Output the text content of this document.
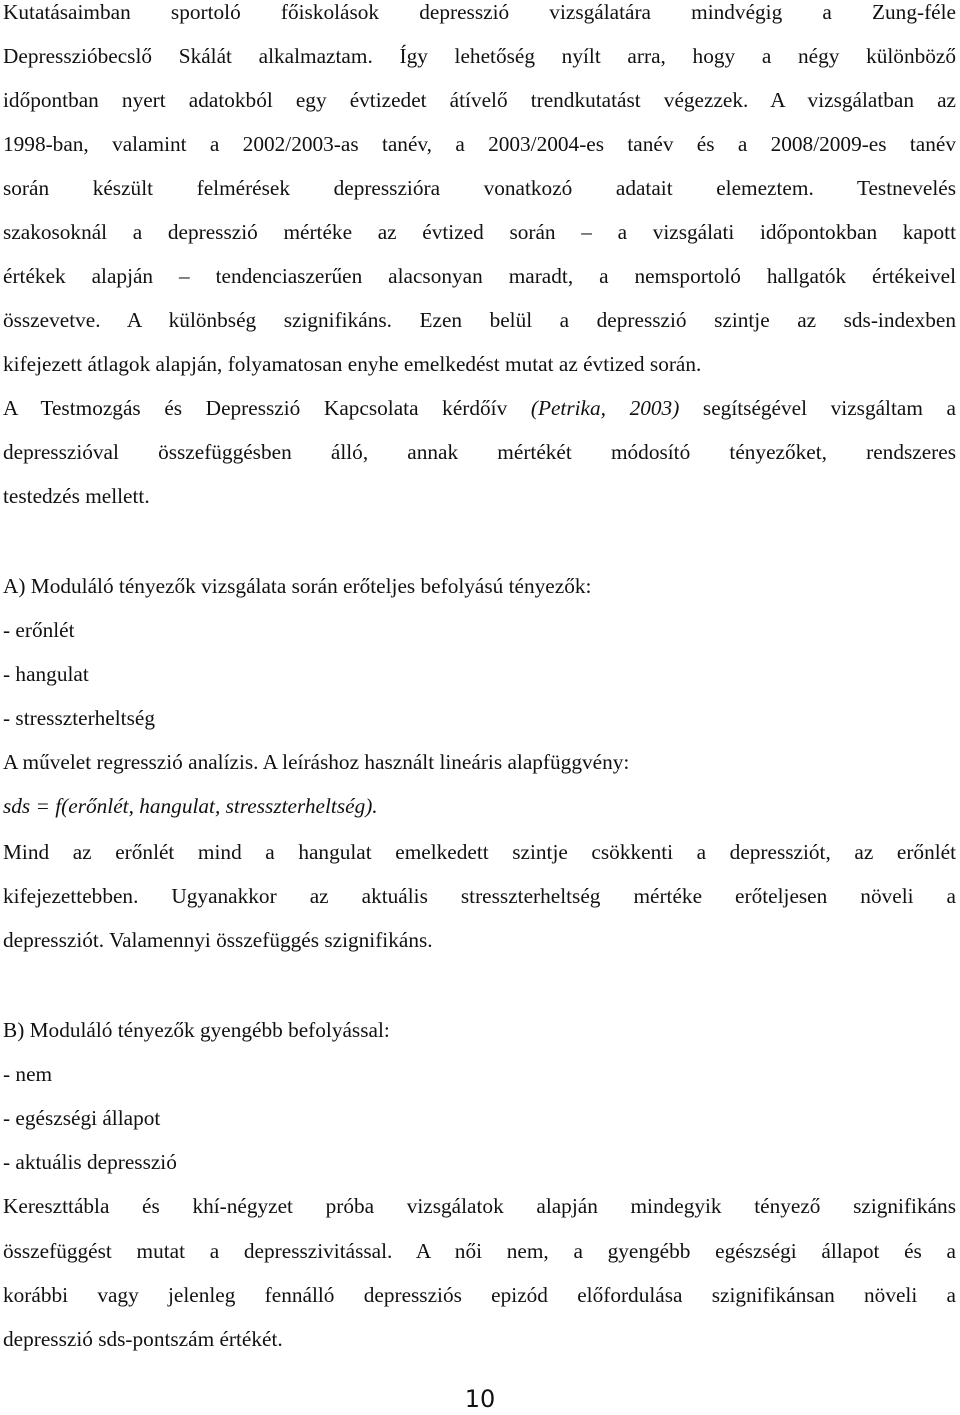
Kutatásaimban sportoló főiskolások depresszió vizsgálatára mindvégig a Zung-féle
Depresszióbecslő Skálát alkalmaztam. Így lehetőség nyílt arra, hogy a négy különböző
időpontban nyert adatokból egy évtizedet átívelő trendkutatást végezzek. A vizsgálatban az
1998-ban, valamint a 2002/2003-as tanév, a 2003/2004-es tanév és a 2008/2009-es tanév
során készült felmérések depresszióra vonatkozó adatait elemeztem. Testnevelés
szakosoknál a depresszió mértéke az évtized során – a vizsgálati időpontokban kapott
értékek alapján – tendenciaszerűen alacsonyan maradt, a nemsportoló hallgatók értékeivel
összevetve. A különbség szignifikáns. Ezen belül a depresszió szintje az sds-indexben
kifejezett átlagok alapján, folyamatosan enyhe emelkedést mutat az évtized során.
A Testmozgás és Depresszió Kapcsolata kérdőív (Petrika, 2003) segítségével vizsgáltam a
depresszióval összefüggésben álló, annak mértékét módosító tényezőket, rendszeres
testedzés mellett.
A) Moduláló tényezők vizsgálata során erőteljes befolyású tényezők:
- erőnlét
- hangulat
- stresszterheltség
A művelet regresszió analízis. A leíráshoz használt lineáris alapfüggvény:
sds = f(erőnlét, hangulat, stresszterheltség).
Mind az erőnlét mind a hangulat emelkedett szintje csökkenti a depressziót, az erőnlét
kifejezettebben. Ugyanakkor az aktuális stresszterheltség mértéke erőteljesen növeli a
depressziót. Valamennyi összefüggés szignifikáns.
B) Moduláló tényezők gyengébb befolyással:
- nem
- egészségi állapot
- aktuális depresszió
Kereszttábla és khí-négyzet próba vizsgálatok alapján mindegyik tényező szignifikáns
összefüggést mutat a depresszivitással. A női nem, a gyengébb egészségi állapot és a
korábbi vagy jelenleg fennálló depressziós epizód előfordulása szignifikánsan növeli a
depresszió sds-pontszám értékét.
10
